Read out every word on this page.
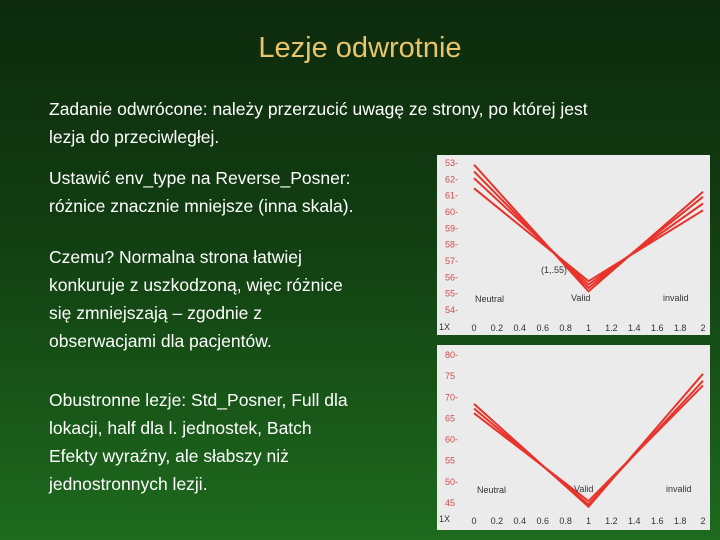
Lezje odwrotnie
Zadanie odwrócone: należy przerzucić uwagę ze strony, po której jest
lezja do przeciwległej.
Ustawić env_type na Reverse_Posner:
różnice znacznie mniejsze (inna skala).
Czemu? Normalna strona łatwiej
konkuruje z uszkodzoną, więc różnice
się zmniejszają – zgodnie z
obserwacjami dla pacjentów.
Obustronne lezje: Std_Posner, Full dla
lokacji, half dla l. jednostek, Batch
Efekty wyraźny, ale słabszy niż
jednostronnych lezji.
53-
62-
61-
60-
59-
58-
57-
56-
55-
54-
0 0.2 0.4 0.6 0.8 1 1.2 1.4 1.6 1.8 2
1X
(1,.55)
Neutral	Valid	invalid
80-
75
70-
65
60-
55
50-
45
0 0.2 0.4 0.6 0.8 1 1.2 1.4 1.6 1.8 2
1X
Neutral	Valid	invalid
